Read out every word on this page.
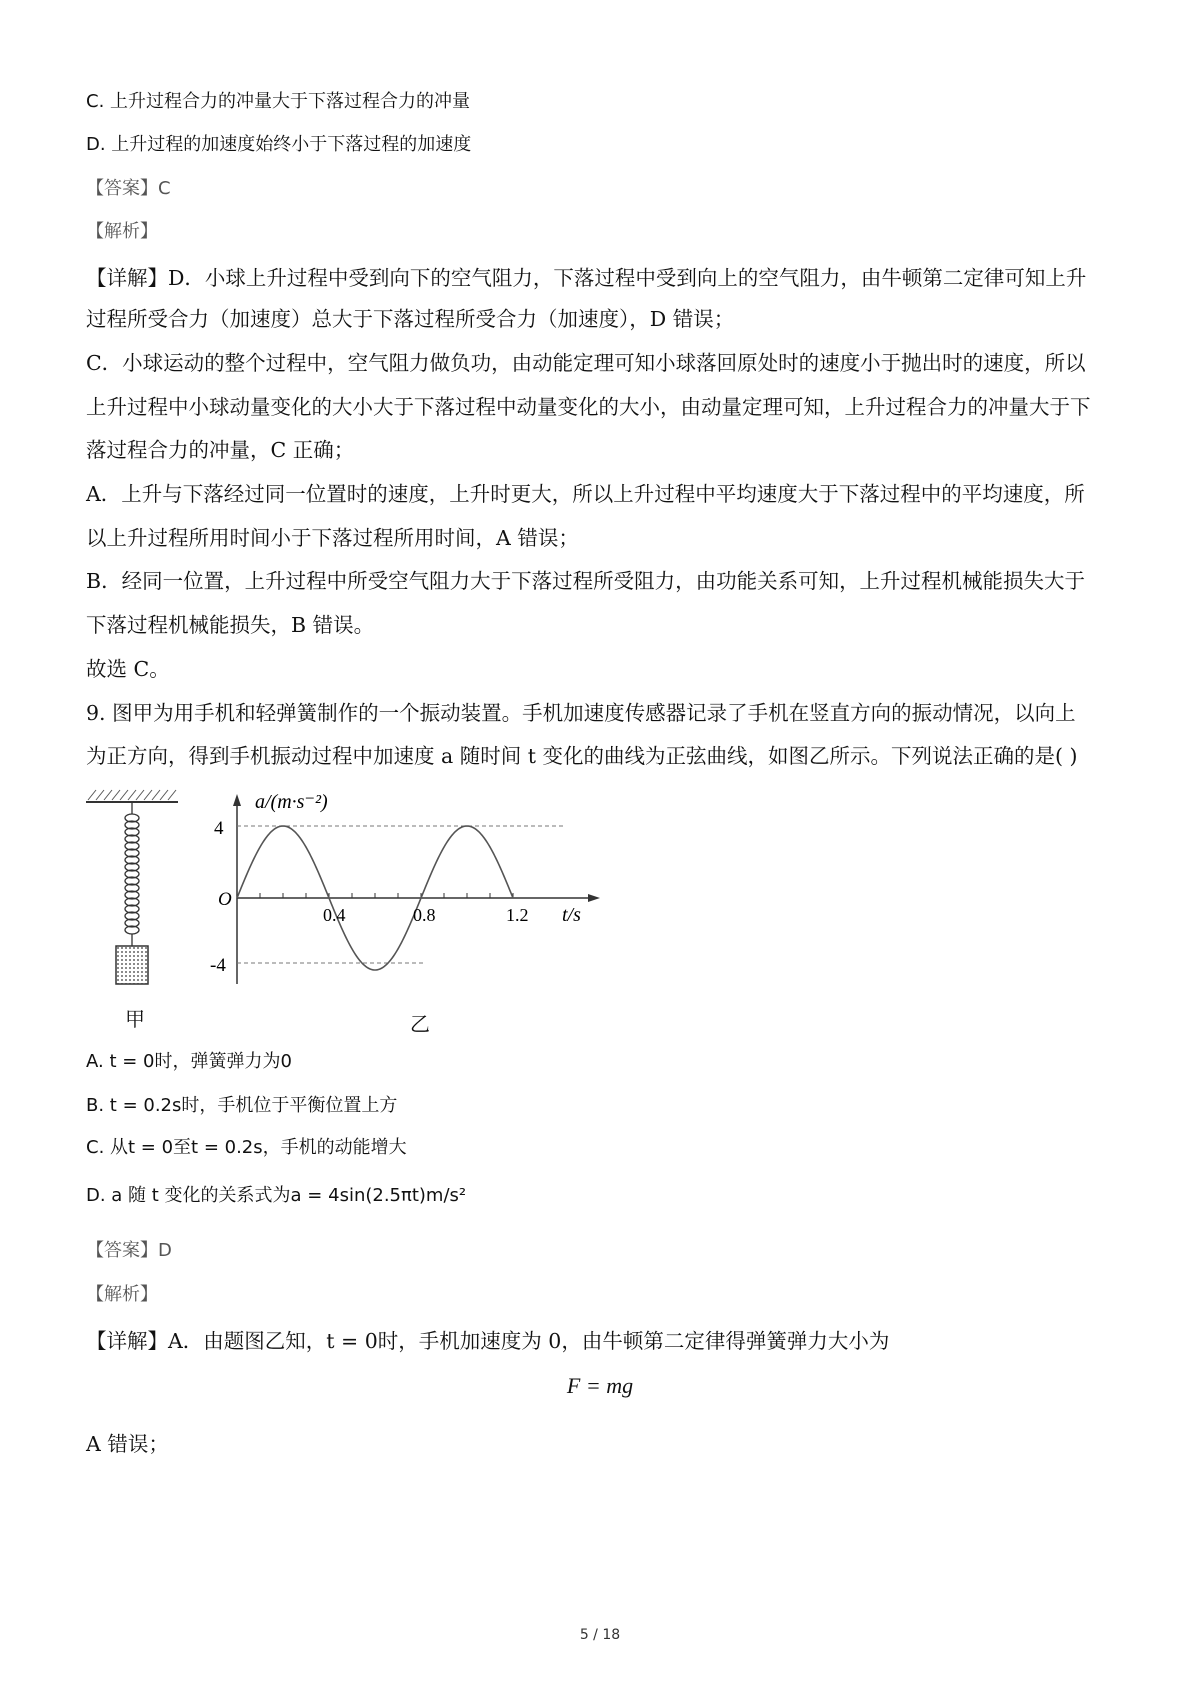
C. 上升过程合力的冲量大于下落过程合力的冲量
D. 上升过程的加速度始终小于下落过程的加速度
【答案】C
【解析】
【详解】D．小球上升过程中受到向下的空气阻力，下落过程中受到向上的空气阻力，由牛顿第二定律可知上升
过程所受合力（加速度）总大于下落过程所受合力（加速度），D 错误；
C．小球运动的整个过程中，空气阻力做负功，由动能定理可知小球落回原处时的速度小于抛出时的速度，所以
上升过程中小球动量变化的大小大于下落过程中动量变化的大小，由动量定理可知，上升过程合力的冲量大于下
落过程合力的冲量，C 正确；
A．上升与下落经过同一位置时的速度，上升时更大，所以上升过程中平均速度大于下落过程中的平均速度，所
以上升过程所用时间小于下落过程所用时间，A 错误；
B．经同一位置，上升过程中所受空气阻力大于下落过程所受阻力，由功能关系可知，上升过程机械能损失大于
下落过程机械能损失，B 错误。
故选 C。
9. 图甲为用手机和轻弹簧制作的一个振动装置。手机加速度传感器记录了手机在竖直方向的振动情况，以向上
为正方向，得到手机振动过程中加速度 a 随时间 t 变化的曲线为正弦曲线，如图乙所示。下列说法正确的是( )
甲
a/(m·s⁻²)
4
-4
O
0.4	0.8	1.2 t/s
乙
A. t = 0时，弹簧弹力为0
B. t = 0.2s时，手机位于平衡位置上方
C. 从t = 0至t = 0.2s，手机的动能增大
D. a 随 t 变化的关系式为a = 4sin(2.5πt)m/s²
【答案】D
【解析】
【详解】A．由题图乙知，t = 0时，手机加速度为 0，由牛顿第二定律得弹簧弹力大小为
F = mg
A 错误；
5 / 18
